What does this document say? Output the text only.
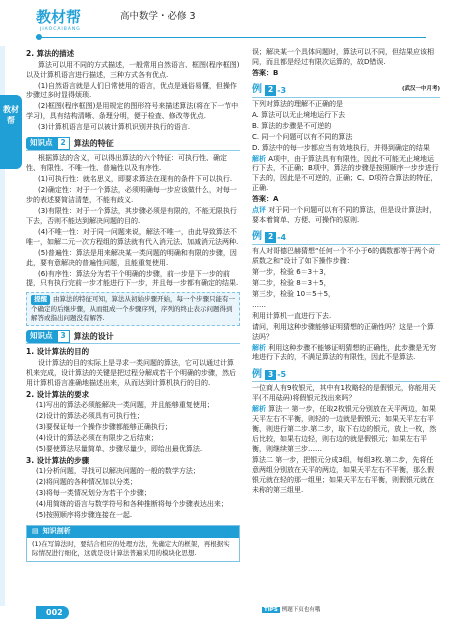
教材帮
JIAOCAIBANG
高中数学・必修 3
教材帮
2. 算法的描述
算法可以用不同的方式描述，一般常用自然语言、框图(程序框图)以及计算机语言进行描述，三种方式各有优点.
(1)自然语言就是人们日常使用的语言，优点是通俗易懂，但操作步骤过多时显得烦琐.
(2)框图(程序框图)是用规定的图形符号来描述算法(将在下一节中学习)，具有结构清晰、条理分明，便于检查、修改等优点.
(3)计算机语言是可以被计算机识别并执行的语言.
知识点	2	算法的特征
根据算法的含义，可以得出算法的六个特征：可执行性、确定性、有限性、不唯一性、普遍性以及有序性.
(1)可执行性：就名思义，即要求算法在现有的条件下可以执行.
(2)确定性：对于一个算法，必须明确每一步应该做什么，对每一步的表述要简洁清楚，不能有歧义.
(3)有限性：对于一个算法，其步骤必须是有限的，不能无限执行下去，否则不能达到解决问题的目的.
(4)不唯一性：对于同一问题来说，解法不唯一，由此导致算法不唯一，如解二元一次方程组的算法就有代入消元法、加减消元法两种.
(5)普遍性：算法是用来解决某一类问题的明确和有限的步骤，因此，要有意解决的普遍性问题，且能重复使用.
(6)有序性：算法分为若干个明确的步骤，前一步是下一步的前提，只有执行完前一步才能进行下一步，并且每一步都有确定的结果.
提醒 由算法的特征可知，算法从初始步骤开始，每一个步骤只能有一个确定的后继步骤，从而组成一个步骤序列，序列的终止表示问题得到解答或指出问题没有解答.
知识点	3	算法的设计
1. 设计算法的目的
设计算法的目的实际上是寻求一类问题的算法，它可以通过计算机来完成，设计算法的关键是把过程分解成若干个明确的步骤，然后用计算机语言准确地描述出来，从而达到计算机执行的目的.
2. 设计算法的要求
(1)写出的算法必须能解决一类问题，并且能够重复使用；
(2)设计的算法必须具有可执行性；
(3)要保证每一个操作步骤都能够正确执行；
(4)设计的算法必须在有限步之后结束；
(5)要使算法尽量简单、步骤尽量少，即给出最优算法.
3. 设计算法的步骤
(1)分析问题，寻找可以解决问题的一般的数学方法；
(2)将问题的各种情况加以分类；
(3)将每一类情况划分为若干个步骤；
(4)用简练的语言与数学符号和各种推断将每个步骤表达出来；
(5)按照顺序将步骤连接在一起.
▤ 知识剖析
(1)在写算法时，要结合相应的处理方法，先确定大的框架，再根据实际情况进行细化，这就是设计算法普遍采用的模块化思想.
误；解决某一个具体问题时，算法可以不同，但结果应该相同，而且都是经过有限次运算的，故D错误.
答案：B
例 2 -3	(武汉一中月考)
下列对算法的理解不正确的是
A. 算法可以无止境地运行下去
B. 算法的步骤是不可逆的
C. 同一个问题可以有不同的算法
D. 算法中的每一步都应当有效地执行，并得到确定的结果
解析 A项中，由于算法具有有限性，因此不可能无止境地运行下去，不正确；B项中，算法的步骤是按照顺序一步步进行下去的，因此是不可逆的，正确；C、D项符合算法的特征，正确.
答案：A
点评 对于同一个问题可以有不同的算法，但是设计算法时，要本着简单、方便、可操作的原则.
例 2 -4
有人对哥德巴赫猜想“任何一个不小于6的偶数都等于两个奇质数之和”设计了如下操作步骤：
第一步，检验 6＝3＋3，
第二步，检验 8＝3＋5，
第三步，检验 10＝5＋5，
……
利用计算机一直进行下去.
请问，利用这种步骤能够证明猜想的正确性吗？这是一个算法吗？
解析 利用这种步骤不能够证明猜想的正确性，此步骤是无穷地进行下去的，不满足算法的有限性，因此不是算法.
例 3 -5
一位商人有9枚银元，其中有1枚略轻的是假银元，你能用天平(不用砝码)将假银元找出来吗？
解析 算法一 第一步，任取2枚银元分别放在天平两边，如果天平左右不平衡，则轻的一边就是假银元；如果天平左右平衡，则进行第二步.第二步，取下右边的银元，放上一枚，然后比较，如果右边轻，则右边的就是假银元；如果左右平衡，则继续第三步……
算法二 第一步，把银元分成3组，每组3枚.第二步，先将任意两组分别放在天平的两边，如果天平左右不平衡，那么假银元就在轻的那一组里；如果天平左右平衡，则假银元就在未称的第三组里.
002	TIPS 例题下页也有哦
